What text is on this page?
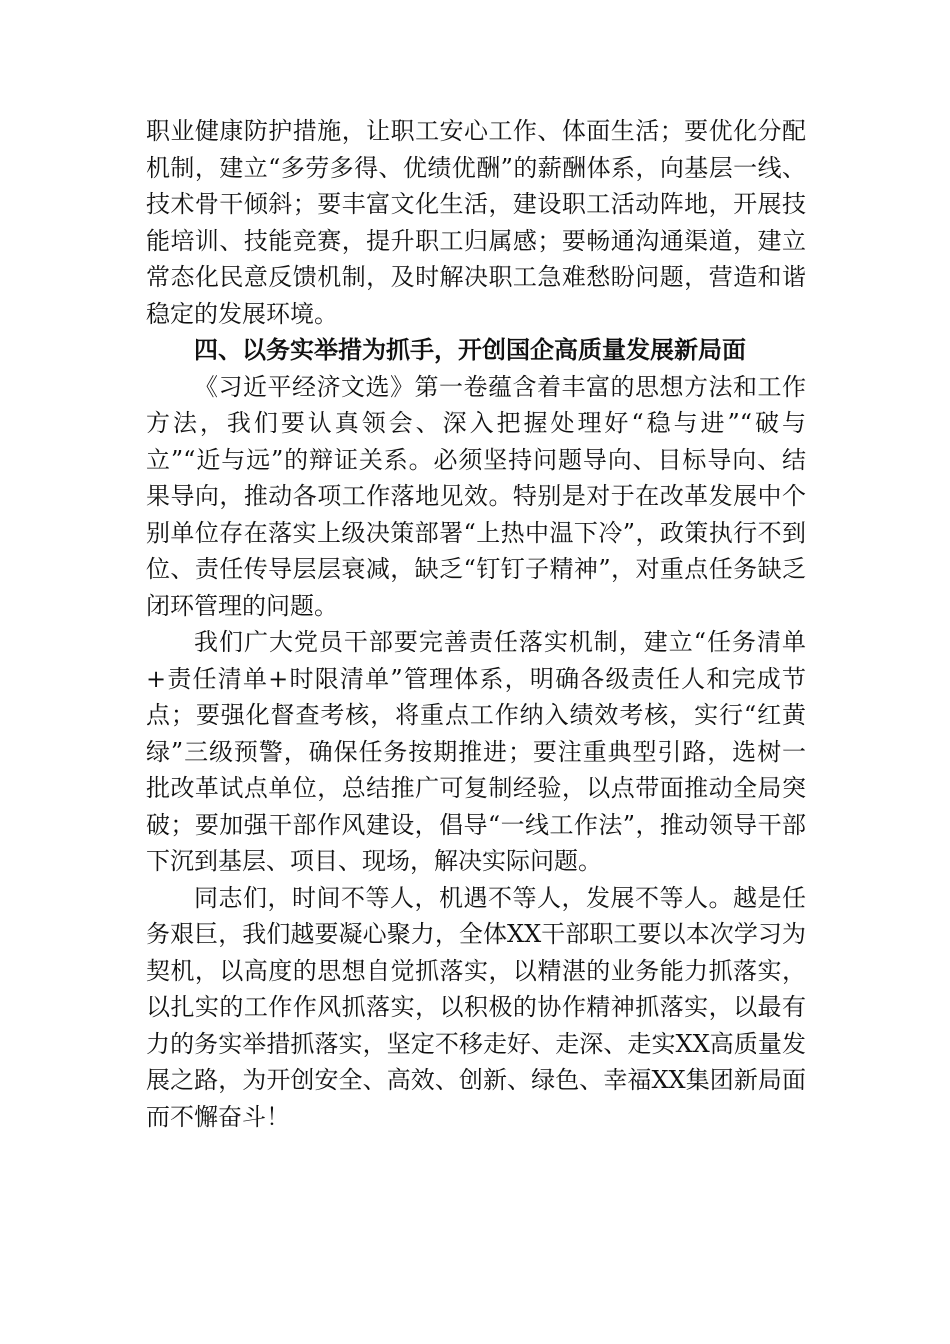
职业健康防护措施，让职工安心工作、体面生活；要优化分配机制，建立“多劳多得、优绩优酬”的薪酬体系，向基层一线、技术骨干倾斜；要丰富文化生活，建设职工活动阵地，开展技能培训、技能竞赛，提升职工归属感；要畅通沟通渠道，建立常态化民意反馈机制，及时解决职工急难愁盼问题，营造和谐稳定的发展环境。

四、以务实举措为抓手，开创国企高质量发展新局面

《习近平经济文选》第一卷蕴含着丰富的思想方法和工作方法，我们要认真领会、深入把握处理好“稳与进”“破与立”“近与远”的辩证关系。必须坚持问题导向、目标导向、结果导向，推动各项工作落地见效。特别是对于在改革发展中个别单位存在落实上级决策部署“上热中温下冷”，政策执行不到位、责任传导层层衰减，缺乏“钉钉子精神”，对重点任务缺乏闭环管理的问题。

我们广大党员干部要完善责任落实机制，建立“任务清单+责任清单+时限清单”管理体系，明确各级责任人和完成节点；要强化督查考核，将重点工作纳入绩效考核，实行“红黄绿”三级预警，确保任务按期推进；要注重典型引路，选树一批改革试点单位，总结推广可复制经验，以点带面推动全局突破；要加强干部作风建设，倡导“一线工作法”，推动领导干部下沉到基层、项目、现场，解决实际问题。

同志们，时间不等人，机遇不等人，发展不等人。越是任务艰巨，我们越要凝心聚力，全体XX干部职工要以本次学习为契机，以高度的思想自觉抓落实，以精湛的业务能力抓落实，以扎实的工作作风抓落实，以积极的协作精神抓落实，以最有力的务实举措抓落实，坚定不移走好、走深、走实XX高质量发展之路，为开创安全、高效、创新、绿色、幸福XX集团新局面而不懈奋斗！
